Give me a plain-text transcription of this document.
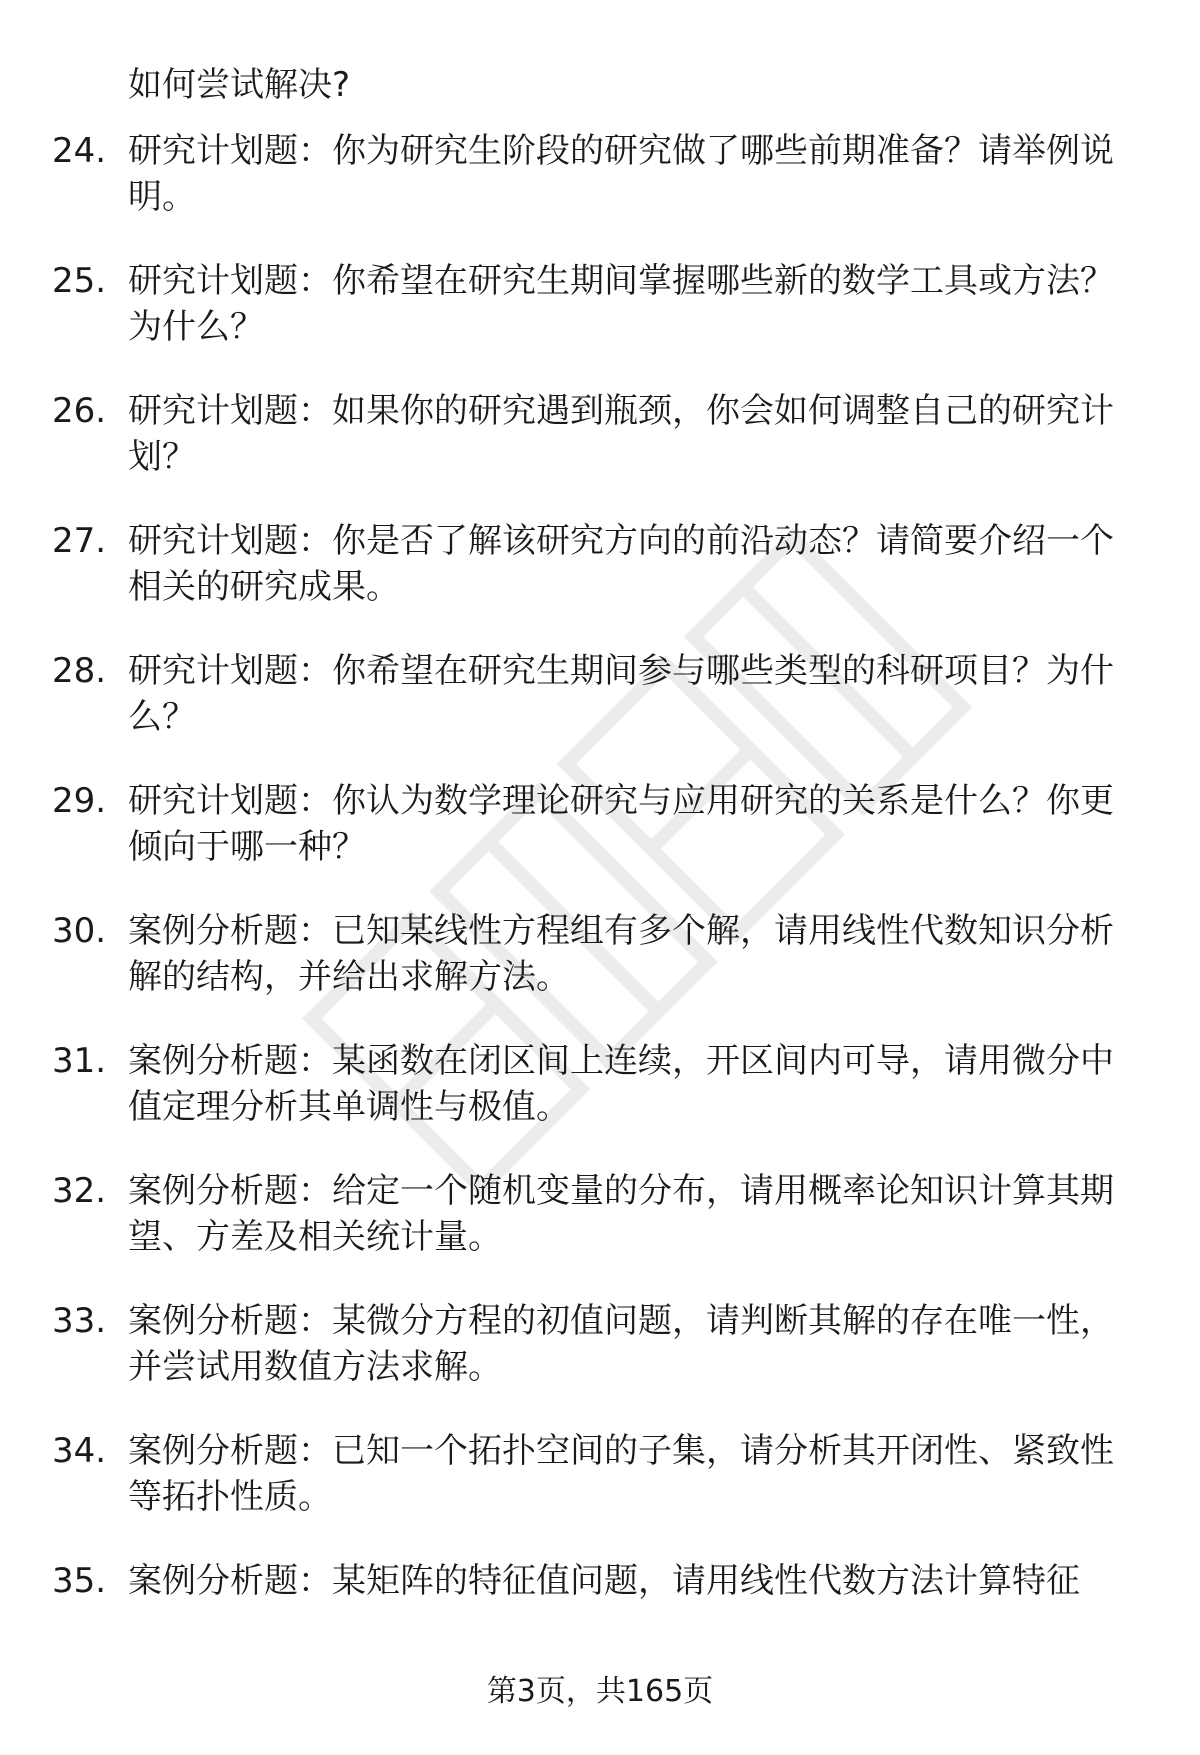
如何尝试解决?

24. 研究计划题：你为研究生阶段的研究做了哪些前期准备？请举例说明。
25. 研究计划题：你希望在研究生期间掌握哪些新的数学工具或方法？为什么？
26. 研究计划题：如果你的研究遇到瓶颈，你会如何调整自己的研究计划？
27. 研究计划题：你是否了解该研究方向的前沿动态？请简要介绍一个相关的研究成果。
28. 研究计划题：你希望在研究生期间参与哪些类型的科研项目？为什么？
29. 研究计划题：你认为数学理论研究与应用研究的关系是什么？你更倾向于哪一种？
30. 案例分析题：已知某线性方程组有多个解，请用线性代数知识分析解的结构，并给出求解方法。
31. 案例分析题：某函数在闭区间上连续，开区间内可导，请用微分中值定理分析其单调性与极值。
32. 案例分析题：给定一个随机变量的分布，请用概率论知识计算其期望、方差及相关统计量。
33. 案例分析题：某微分方程的初值问题，请判断其解的存在唯一性，并尝试用数值方法求解。
34. 案例分析题：已知一个拓扑空间的子集，请分析其开闭性、紧致性等拓扑性质。
35. 案例分析题：某矩阵的特征值问题，请用线性代数方法计算特征
第3页，共165页
